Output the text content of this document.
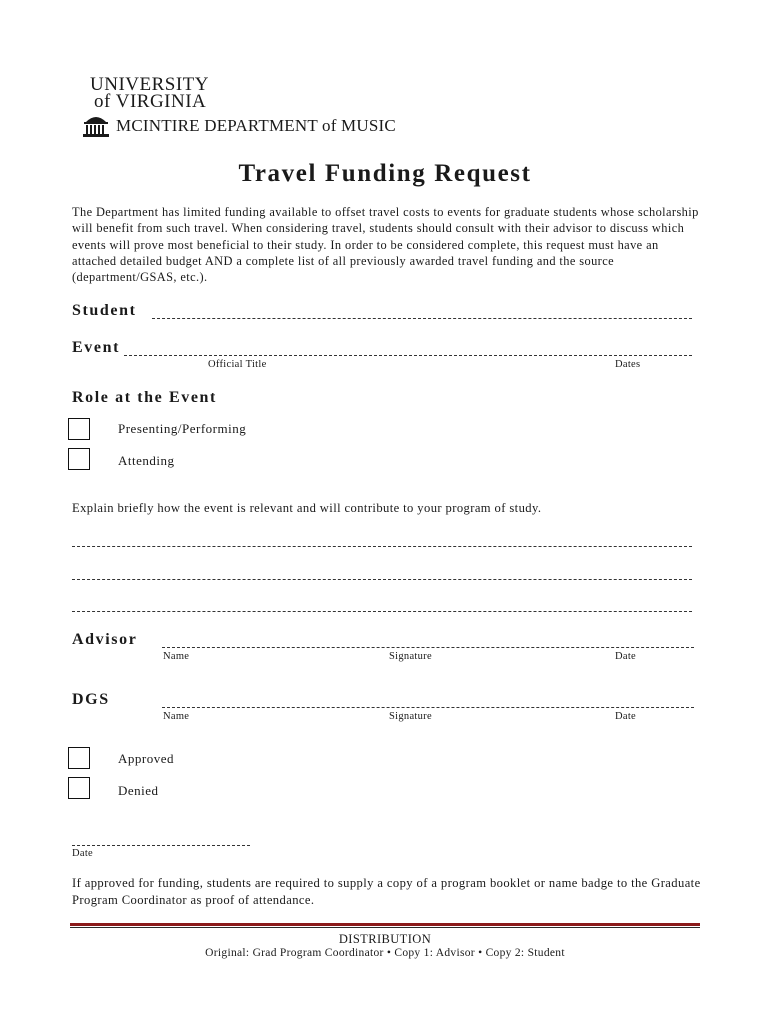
UNIVERSITY
of VIRGINIA
MCINTIRE DEPARTMENT of MUSIC
Travel Funding Request
The Department has limited funding available to offset travel costs to events for graduate students whose scholarship will benefit from such travel. When considering travel, students should consult with their advisor to discuss which events will prove most beneficial to their study. In order to be considered complete, this request must have an attached detailed budget AND a complete list of all previously awarded travel funding and the source (department/GSAS, etc.).
Student
Event
Official Title	Dates
Role at the Event
Presenting/Performing
Attending
Explain briefly how the event is relevant and will contribute to your program of study.
Advisor
Name	Signature	Date
DGS
Name	Signature	Date
Approved
Denied
Date
If approved for funding, students are required to supply a copy of a program booklet or name badge to the Graduate Program Coordinator as proof of attendance.
DISTRIBUTION
Original: Grad Program Coordinator • Copy 1: Advisor • Copy 2: Student
